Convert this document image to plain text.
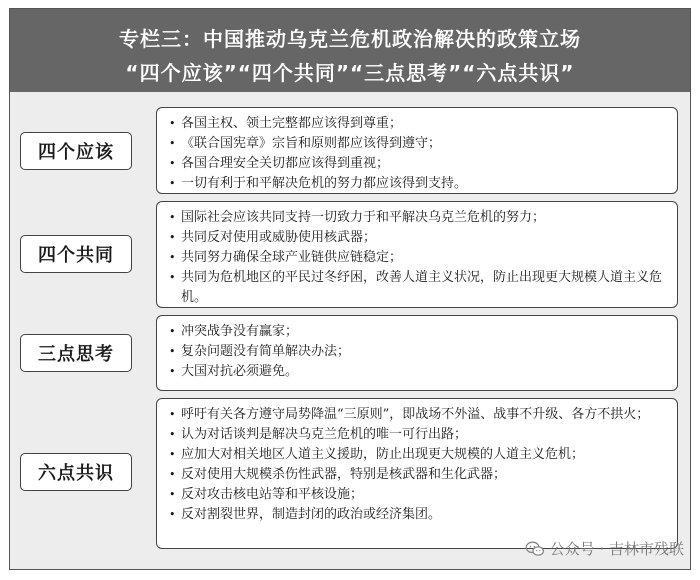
专栏三：中国推动乌克兰危机政治解决的政策立场
“四个应该”“四个共同”“三点思考”“六点共识”
四个应该
• 各国主权、领土完整都应该得到尊重；
• 《联合国宪章》宗旨和原则都应该得到遵守；
• 各国合理安全关切都应该得到重视；
• 一切有利于和平解决危机的努力都应该得到支持。
四个共同
• 国际社会应该共同支持一切致力于和平解决乌克兰危机的努力；
• 共同反对使用或威胁使用核武器；
• 共同努力确保全球产业链供应链稳定；
• 共同为危机地区的平民过冬纾困，改善人道主义状况，防止出现更大规模人道主义危机。
三点思考
• 冲突战争没有赢家；
• 复杂问题没有简单解决办法；
• 大国对抗必须避免。
六点共识
• 呼吁有关各方遵守局势降温“三原则”，即战场不外溢、战事不升级、各方不拱火；
• 认为对话谈判是解决乌克兰危机的唯一可行出路；
• 应加大对相关地区人道主义援助，防止出现更大规模的人道主义危机；
• 反对使用大规模杀伤性武器，特别是核武器和生化武器；
• 反对攻击核电站等和平核设施；
• 反对割裂世界，制造封闭的政治或经济集团。
公众号 · 吉林市残联
